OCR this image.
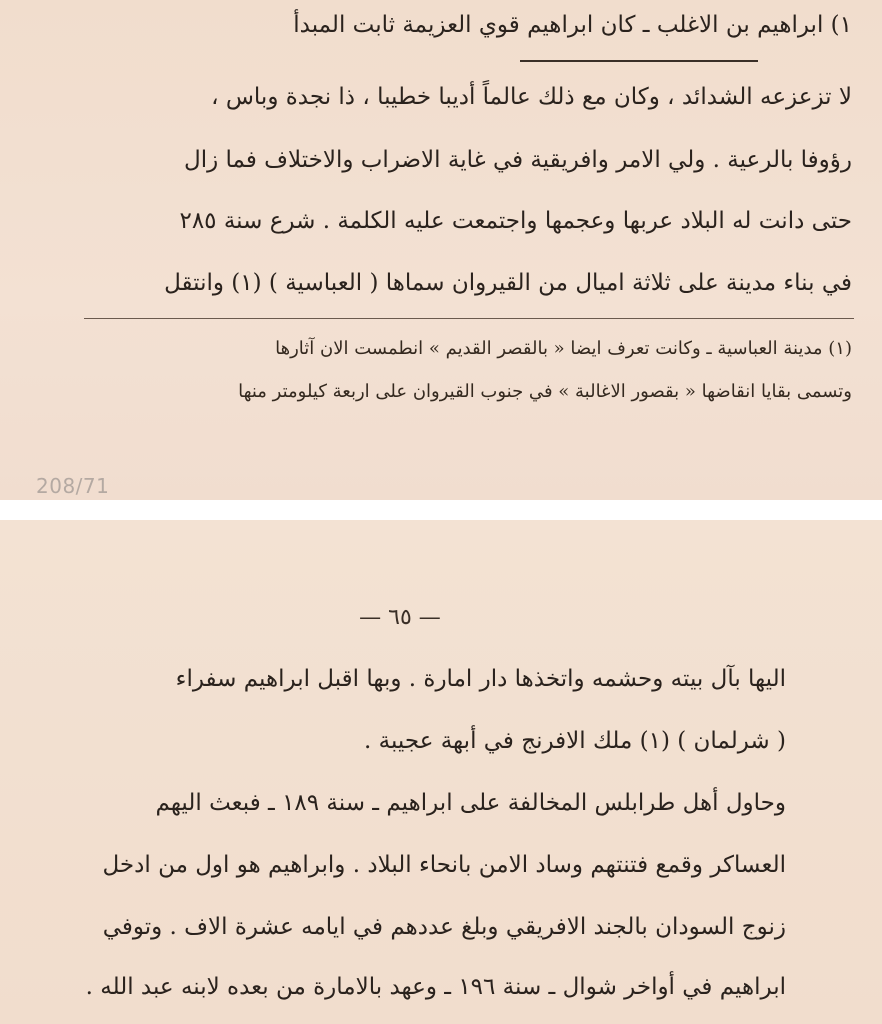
١) ابراهيم بن الاغلب ـ كان ابراهيم قوي العزيمة ثابت المبدأ
لا تزعزعه الشدائد ، وكان مع ذلك عالماً أديبا خطيبا ، ذا نجدة وباس ،
رؤوفا بالرعية . ولي الامر وافريقية في غاية الاضراب والاختلاف فما زال
حتى دانت له البلاد عربها وعجمها واجتمعت عليه الكلمة . شرع سنة ٢٨٥
في بناء مدينة على ثلاثة اميال من القيروان سماها ( العباسية ) (١) وانتقل
(١) مدينة العباسية ـ وكانت تعرف ايضا « بالقصر القديم » انطمست الان آثارها
وتسمى بقايا انقاضها « بقصور الاغالبة » في جنوب القيروان على اربعة كيلومتر منها
208/71
— ٦٥ —
اليها بآل بيته وحشمه واتخذها دار امارة . وبها اقبل ابراهيم سفراء
( شرلمان ) (١) ملك الافرنج في أبهة عجيبة .
وحاول أهل طرابلس المخالفة على ابراهيم ـ سنة ١٨٩ ـ فبعث اليهم
العساكر وقمع فتنتهم وساد الامن بانحاء البلاد . وابراهيم هو اول من ادخل
زنوج السودان بالجند الافريقي وبلغ عددهم في ايامه عشرة الاف . وتوفي
ابراهيم في أواخر شوال ـ سنة ١٩٦ ـ وعهد بالامارة من بعده لابنه عبد الله .
